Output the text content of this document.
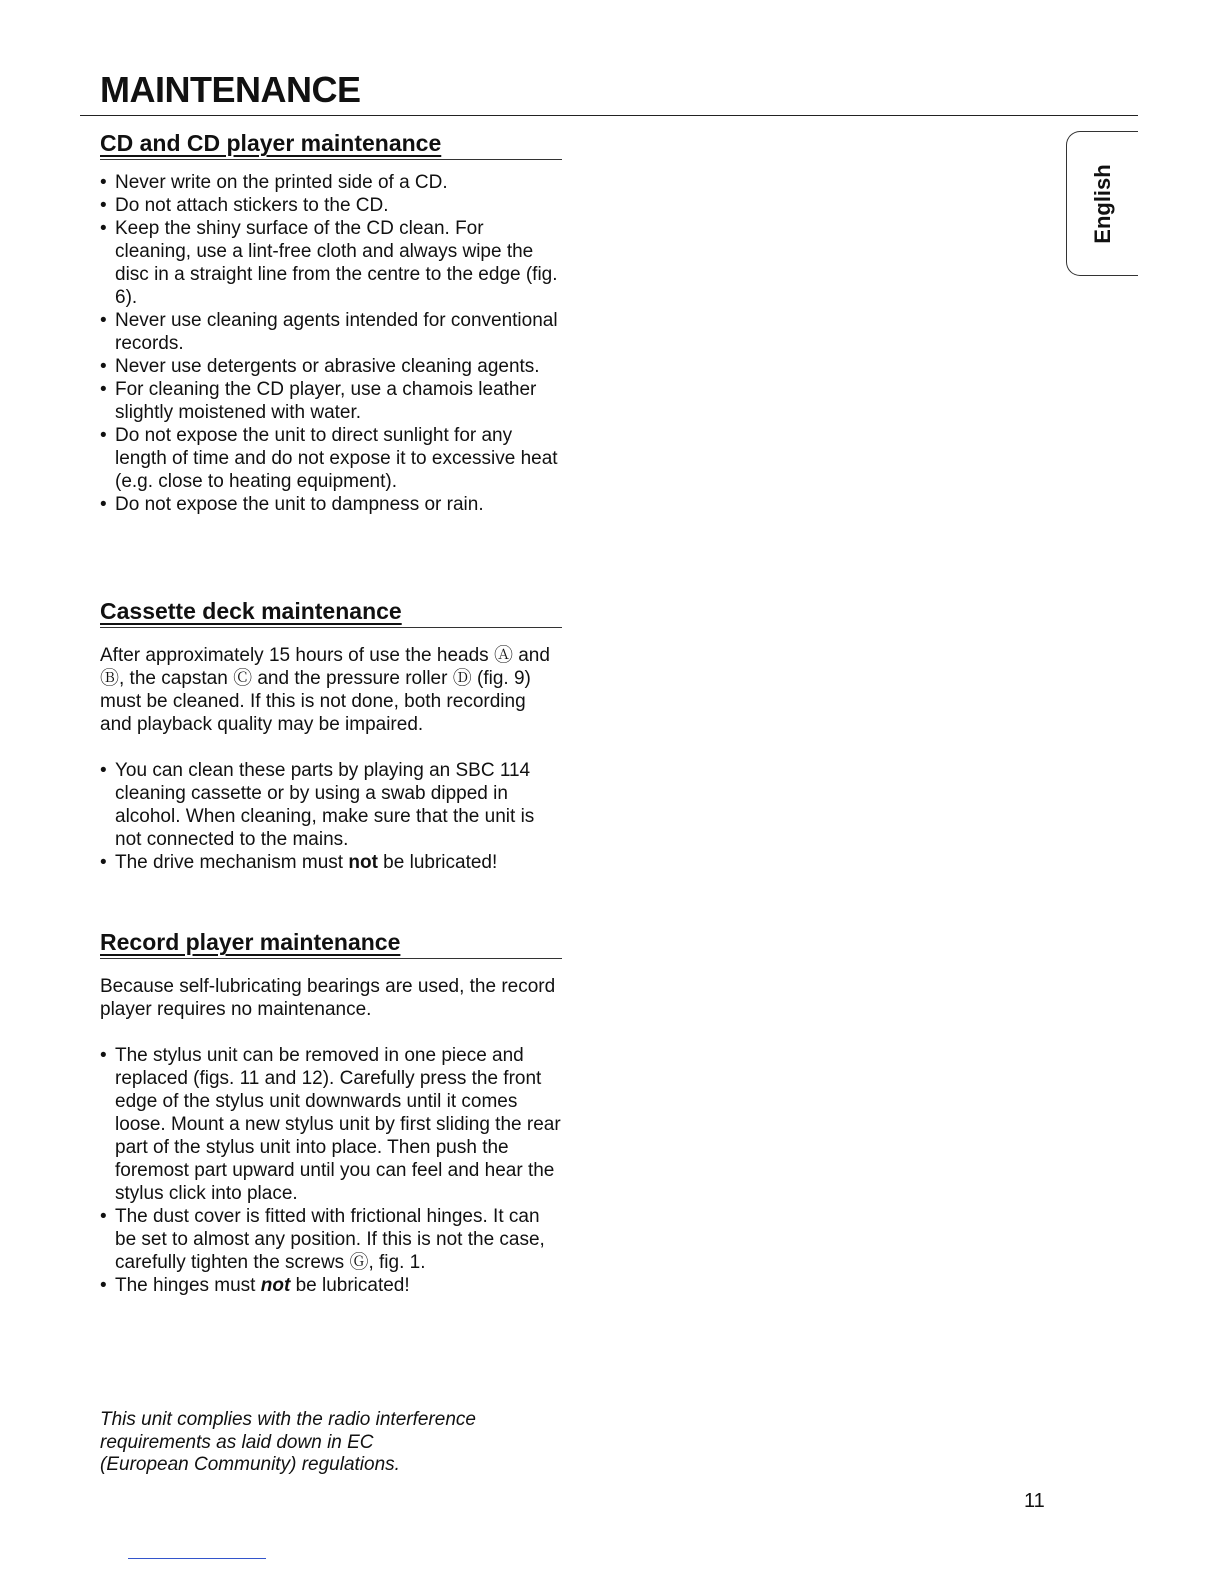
MAINTENANCE
English
CD and CD player maintenance
• Never write on the printed side of a CD.
• Do not attach stickers to the CD.
• Keep the shiny surface of the CD clean. For cleaning, use a lint-free cloth and always wipe the disc in a straight line from the centre to the edge (fig. 6).
• Never use cleaning agents intended for conventional records.
• Never use detergents or abrasive cleaning agents.
• For cleaning the CD player, use a chamois leather slightly moistened with water.
• Do not expose the unit to direct sunlight for any length of time and do not expose it to excessive heat (e.g. close to heating equipment).
• Do not expose the unit to dampness or rain.
Cassette deck maintenance

After approximately 15 hours of use the heads Ⓐ and Ⓑ, the capstan Ⓒ and the pressure roller Ⓓ (fig. 9) must be cleaned. If this is not done, both recording and playback quality may be impaired.

• You can clean these parts by playing an SBC 114 cleaning cassette or by using a swab dipped in alcohol. When cleaning, make sure that the unit is not connected to the mains.
• The drive mechanism must not be lubricated!
Record player maintenance

Because self-lubricating bearings are used, the record player requires no maintenance.

• The stylus unit can be removed in one piece and replaced (figs. 11 and 12). Carefully press the front edge of the stylus unit downwards until it comes loose. Mount a new stylus unit by first sliding the rear part of the stylus unit into place. Then push the foremost part upward until you can feel and hear the stylus click into place.
• The dust cover is fitted with frictional hinges. It can be set to almost any position. If this is not the case, carefully tighten the screws Ⓖ, fig. 1.
• The hinges must not be lubricated!

This unit complies with the radio interference

requirements as laid down in EC

(European Community) regulations.

11
